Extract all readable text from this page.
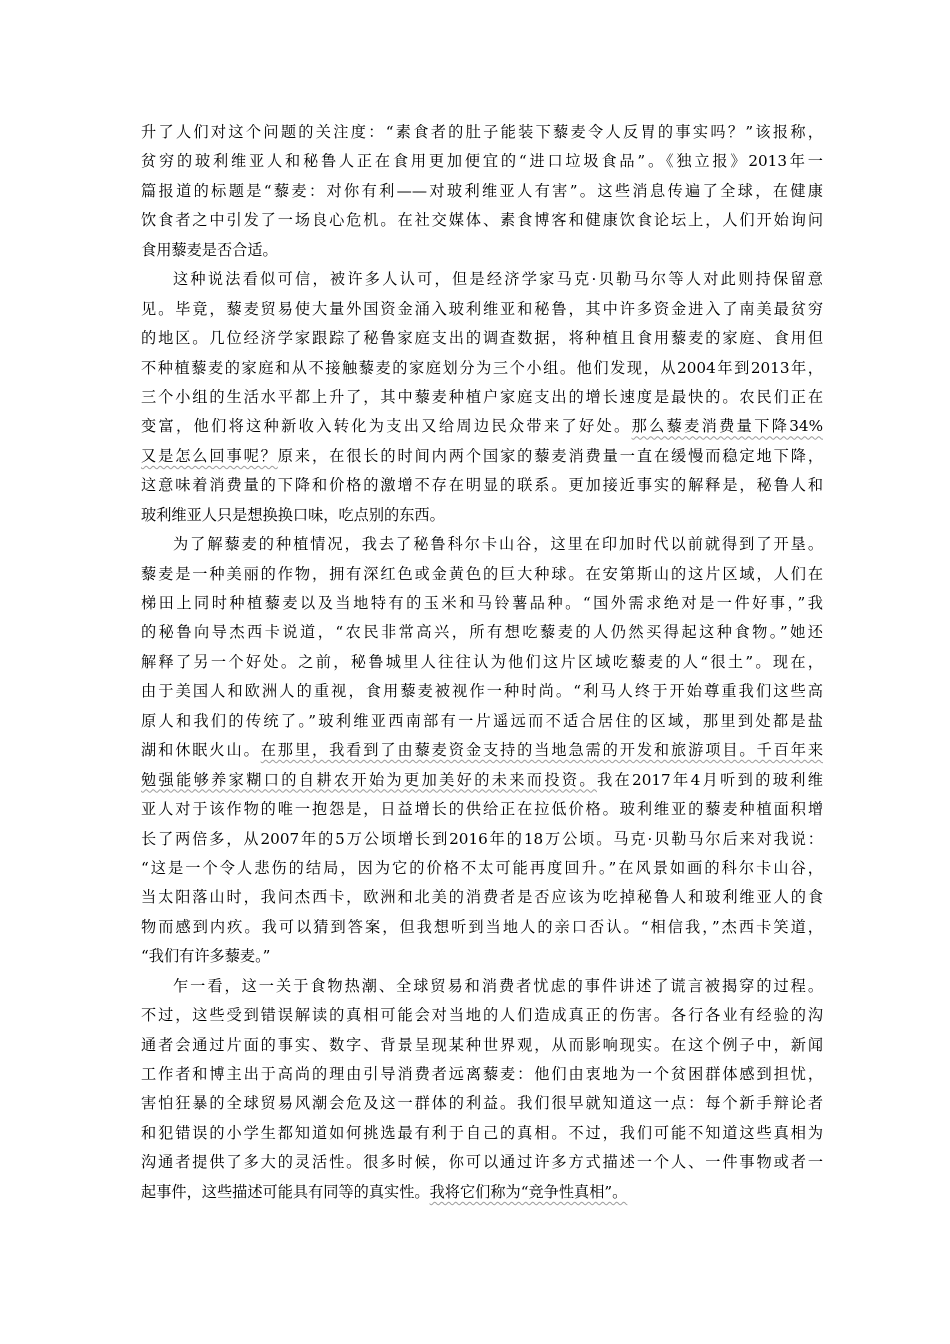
升了人们对这个问题的关注度：“素食者的肚子能装下藜麦令人反胃的事实吗？”该报称，
贫穷的玻利维亚人和秘鲁人正在食用更加便宜的“进口垃圾食品”。《独立报》2013年一
篇报道的标题是“藜麦：对你有利——对玻利维亚人有害”。这些消息传遍了全球，在健康
饮食者之中引发了一场良心危机。在社交媒体、素食博客和健康饮食论坛上，人们开始询问
食用藜麦是否合适。
这种说法看似可信，被许多人认可，但是经济学家马克·贝勒马尔等人对此则持保留意
见。毕竟，藜麦贸易使大量外国资金涌入玻利维亚和秘鲁，其中许多资金进入了南美最贫穷
的地区。几位经济学家跟踪了秘鲁家庭支出的调查数据，将种植且食用藜麦的家庭、食用但
不种植藜麦的家庭和从不接触藜麦的家庭划分为三个小组。他们发现，从2004年到2013年，
三个小组的生活水平都上升了，其中藜麦种植户家庭支出的增长速度是最快的。农民们正在
变富，他们将这种新收入转化为支出又给周边民众带来了好处。那么藜麦消费量下降34%
又是怎么回事呢？原来，在很长的时间内两个国家的藜麦消费量一直在缓慢而稳定地下降，
这意味着消费量的下降和价格的激增不存在明显的联系。更加接近事实的解释是，秘鲁人和
玻利维亚人只是想换换口味，吃点别的东西。
为了解藜麦的种植情况，我去了秘鲁科尔卡山谷，这里在印加时代以前就得到了开垦。
藜麦是一种美丽的作物，拥有深红色或金黄色的巨大种球。在安第斯山的这片区域，人们在
梯田上同时种植藜麦以及当地特有的玉米和马铃薯品种。“国外需求绝对是一件好事，”我
的秘鲁向导杰西卡说道，“农民非常高兴，所有想吃藜麦的人仍然买得起这种食物。”她还
解释了另一个好处。之前，秘鲁城里人往往认为他们这片区域吃藜麦的人“很土”。现在，
由于美国人和欧洲人的重视，食用藜麦被视作一种时尚。“利马人终于开始尊重我们这些高
原人和我们的传统了。”玻利维亚西南部有一片遥远而不适合居住的区域，那里到处都是盐
湖和休眠火山。在那里，我看到了由藜麦资金支持的当地急需的开发和旅游项目。千百年来
勉强能够养家糊口的自耕农开始为更加美好的未来而投资。我在2017年4月听到的玻利维
亚人对于该作物的唯一抱怨是，日益增长的供给正在拉低价格。玻利维亚的藜麦种植面积增
长了两倍多，从2007年的5万公顷增长到2016年的18万公顷。马克·贝勒马尔后来对我说：
“这是一个令人悲伤的结局，因为它的价格不太可能再度回升。”在风景如画的科尔卡山谷，
当太阳落山时，我问杰西卡，欧洲和北美的消费者是否应该为吃掉秘鲁人和玻利维亚人的食
物而感到内疚。我可以猜到答案，但我想听到当地人的亲口否认。“相信我，”杰西卡笑道，
“我们有许多藜麦。”
乍一看，这一关于食物热潮、全球贸易和消费者忧虑的事件讲述了谎言被揭穿的过程。
不过，这些受到错误解读的真相可能会对当地的人们造成真正的伤害。各行各业有经验的沟
通者会通过片面的事实、数字、背景呈现某种世界观，从而影响现实。在这个例子中，新闻
工作者和博主出于高尚的理由引导消费者远离藜麦：他们由衷地为一个贫困群体感到担忧，
害怕狂暴的全球贸易风潮会危及这一群体的利益。我们很早就知道这一点：每个新手辩论者
和犯错误的小学生都知道如何挑选最有利于自己的真相。不过，我们可能不知道这些真相为
沟通者提供了多大的灵活性。很多时候，你可以通过许多方式描述一个人、一件事物或者一
起事件，这些描述可能具有同等的真实性。我将它们称为“竞争性真相”。
